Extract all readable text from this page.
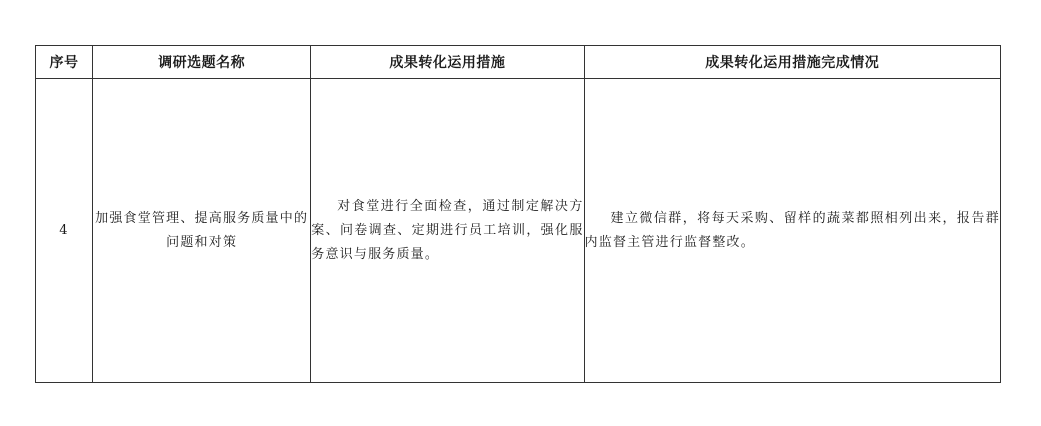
序号	调研选题名称	成果转化运用措施	成果转化运用措施完成情况
4	加强食堂管理、提高服务质量中的问题和对策	对食堂进行全面检查，通过制定解决方案、问卷调查、定期进行员工培训，强化服务意识与服务质量。	建立微信群，将每天采购、留样的蔬菜都照相列出来，报告群内监督主管进行监督整改。
